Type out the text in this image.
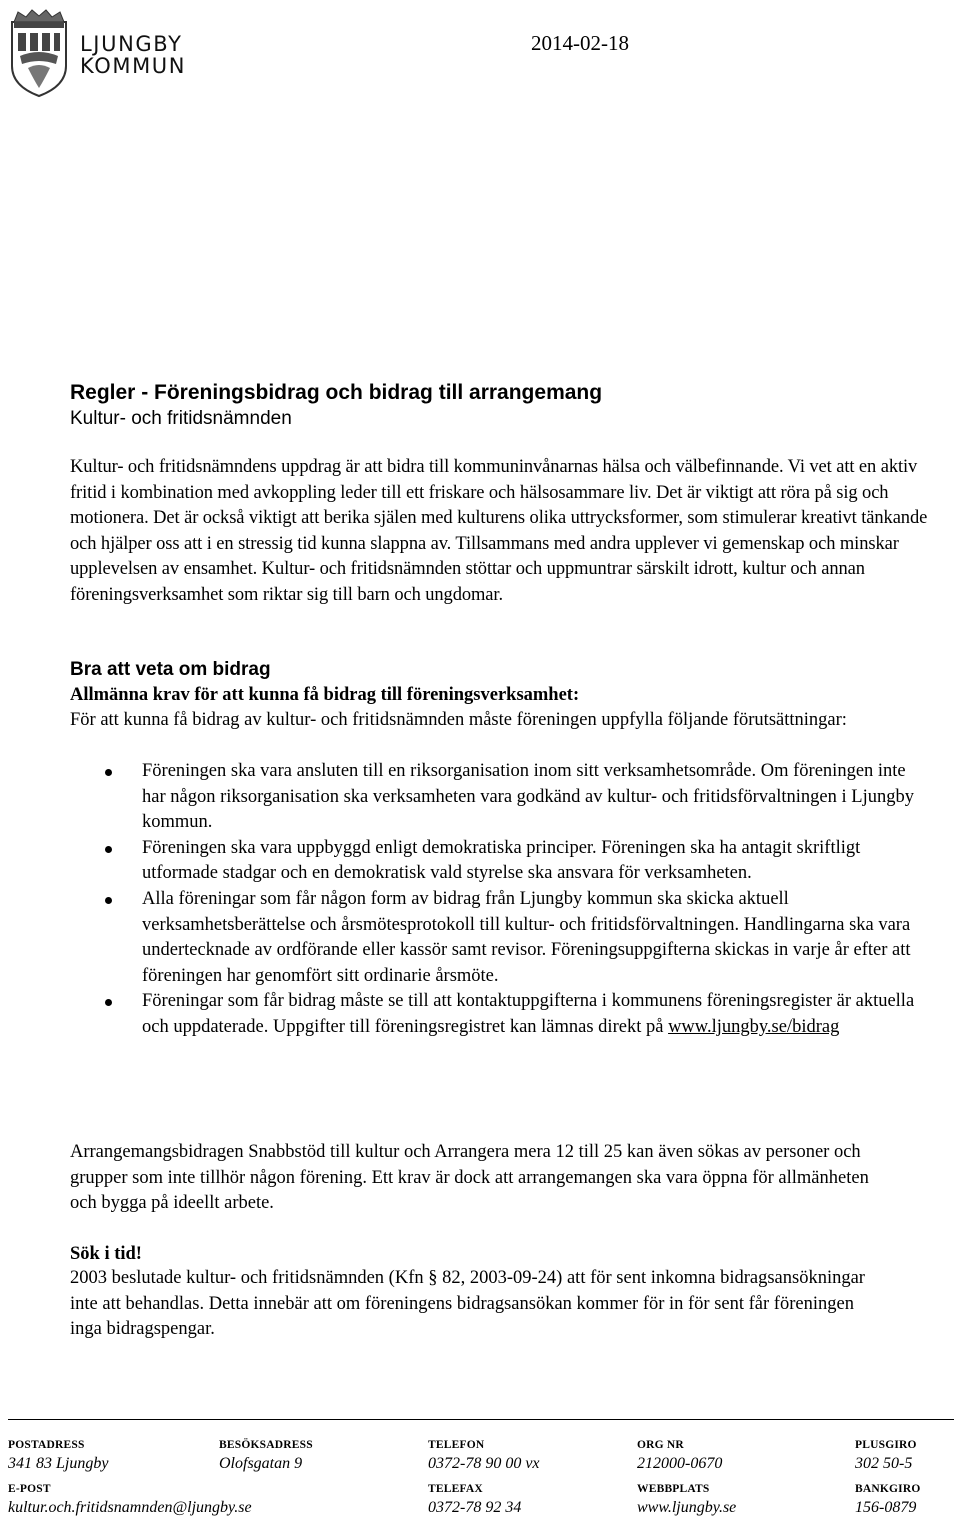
LJUNGBY
KOMMUN
2014-02-18
Regler - Föreningsbidrag och bidrag till arrangemang
Kultur- och fritidsnämnden

Kultur- och fritidsnämndens uppdrag är att bidra till kommuninvånarnas hälsa och välbefinnande. Vi vet att en aktiv fritid i kombination med avkoppling leder till ett friskare och hälsosammare liv. Det är viktigt att röra på sig och motionera. Det är också viktigt att berika själen med kulturens olika uttrycksformer, som stimulerar kreativt tänkande och hjälper oss att i en stressig tid kunna slappna av. Tillsammans med andra upplever vi gemenskap och minskar upplevelsen av ensamhet. Kultur- och fritidsnämnden stöttar och uppmuntrar särskilt idrott, kultur och annan föreningsverksamhet som riktar sig till barn och ungdomar.

Bra att veta om bidrag
Allmänna krav för att kunna få bidrag till föreningsverksamhet:

För att kunna få bidrag av kultur- och fritidsnämnden måste föreningen uppfylla följande förutsättningar:

Föreningen ska vara ansluten till en riksorganisation inom sitt verksamhetsområde. Om föreningen inte har någon riksorganisation ska verksamheten vara godkänd av kultur- och fritidsförvaltningen i Ljungby kommun.
Föreningen ska vara uppbyggd enligt demokratiska principer. Föreningen ska ha antagit skriftligt utformade stadgar och en demokratisk vald styrelse ska ansvara för verksamheten.
Alla föreningar som får någon form av bidrag från Ljungby kommun ska skicka aktuell verksamhetsberättelse och årsmötesprotokoll till kultur- och fritidsförvaltningen. Handlingarna ska vara undertecknade av ordförande eller kassör samt revisor. Föreningsuppgifterna skickas in varje år efter att föreningen har genomfört sitt ordinarie årsmöte.
Föreningar som får bidrag måste se till att kontaktuppgifterna i kommunens föreningsregister är aktuella och uppdaterade. Uppgifter till föreningsregistret kan lämnas direkt på www.ljungby.se/bidrag

Arrangemangsbidragen Snabbstöd till kultur och Arrangera mera 12 till 25 kan även sökas av personer och grupper som inte tillhör någon förening. Ett krav är dock att arrangemangen ska vara öppna för allmänheten och bygga på ideellt arbete.

Sök i tid!

2003 beslutade kultur- och fritidsnämnden (Kfn § 82, 2003-09-24) att för sent inkomna bidragsansökningar inte att behandlas. Detta innebär att om föreningens bidragsansökan kommer för in för sent får föreningen inga bidragspengar.

POSTADRESS
341 83 Ljungby
BESÖKSADRESS
Olofsgatan 9
TELEFON
0372-78 90 00 vx
ORG NR
212000-0670
PLUSGIRO
302 50-5
E-POST
kultur.och.fritidsnamnden@ljungby.se
TELEFAX
0372-78 92 34
WEBBPLATS
www.ljungby.se
BANKGIRO
156-0879
